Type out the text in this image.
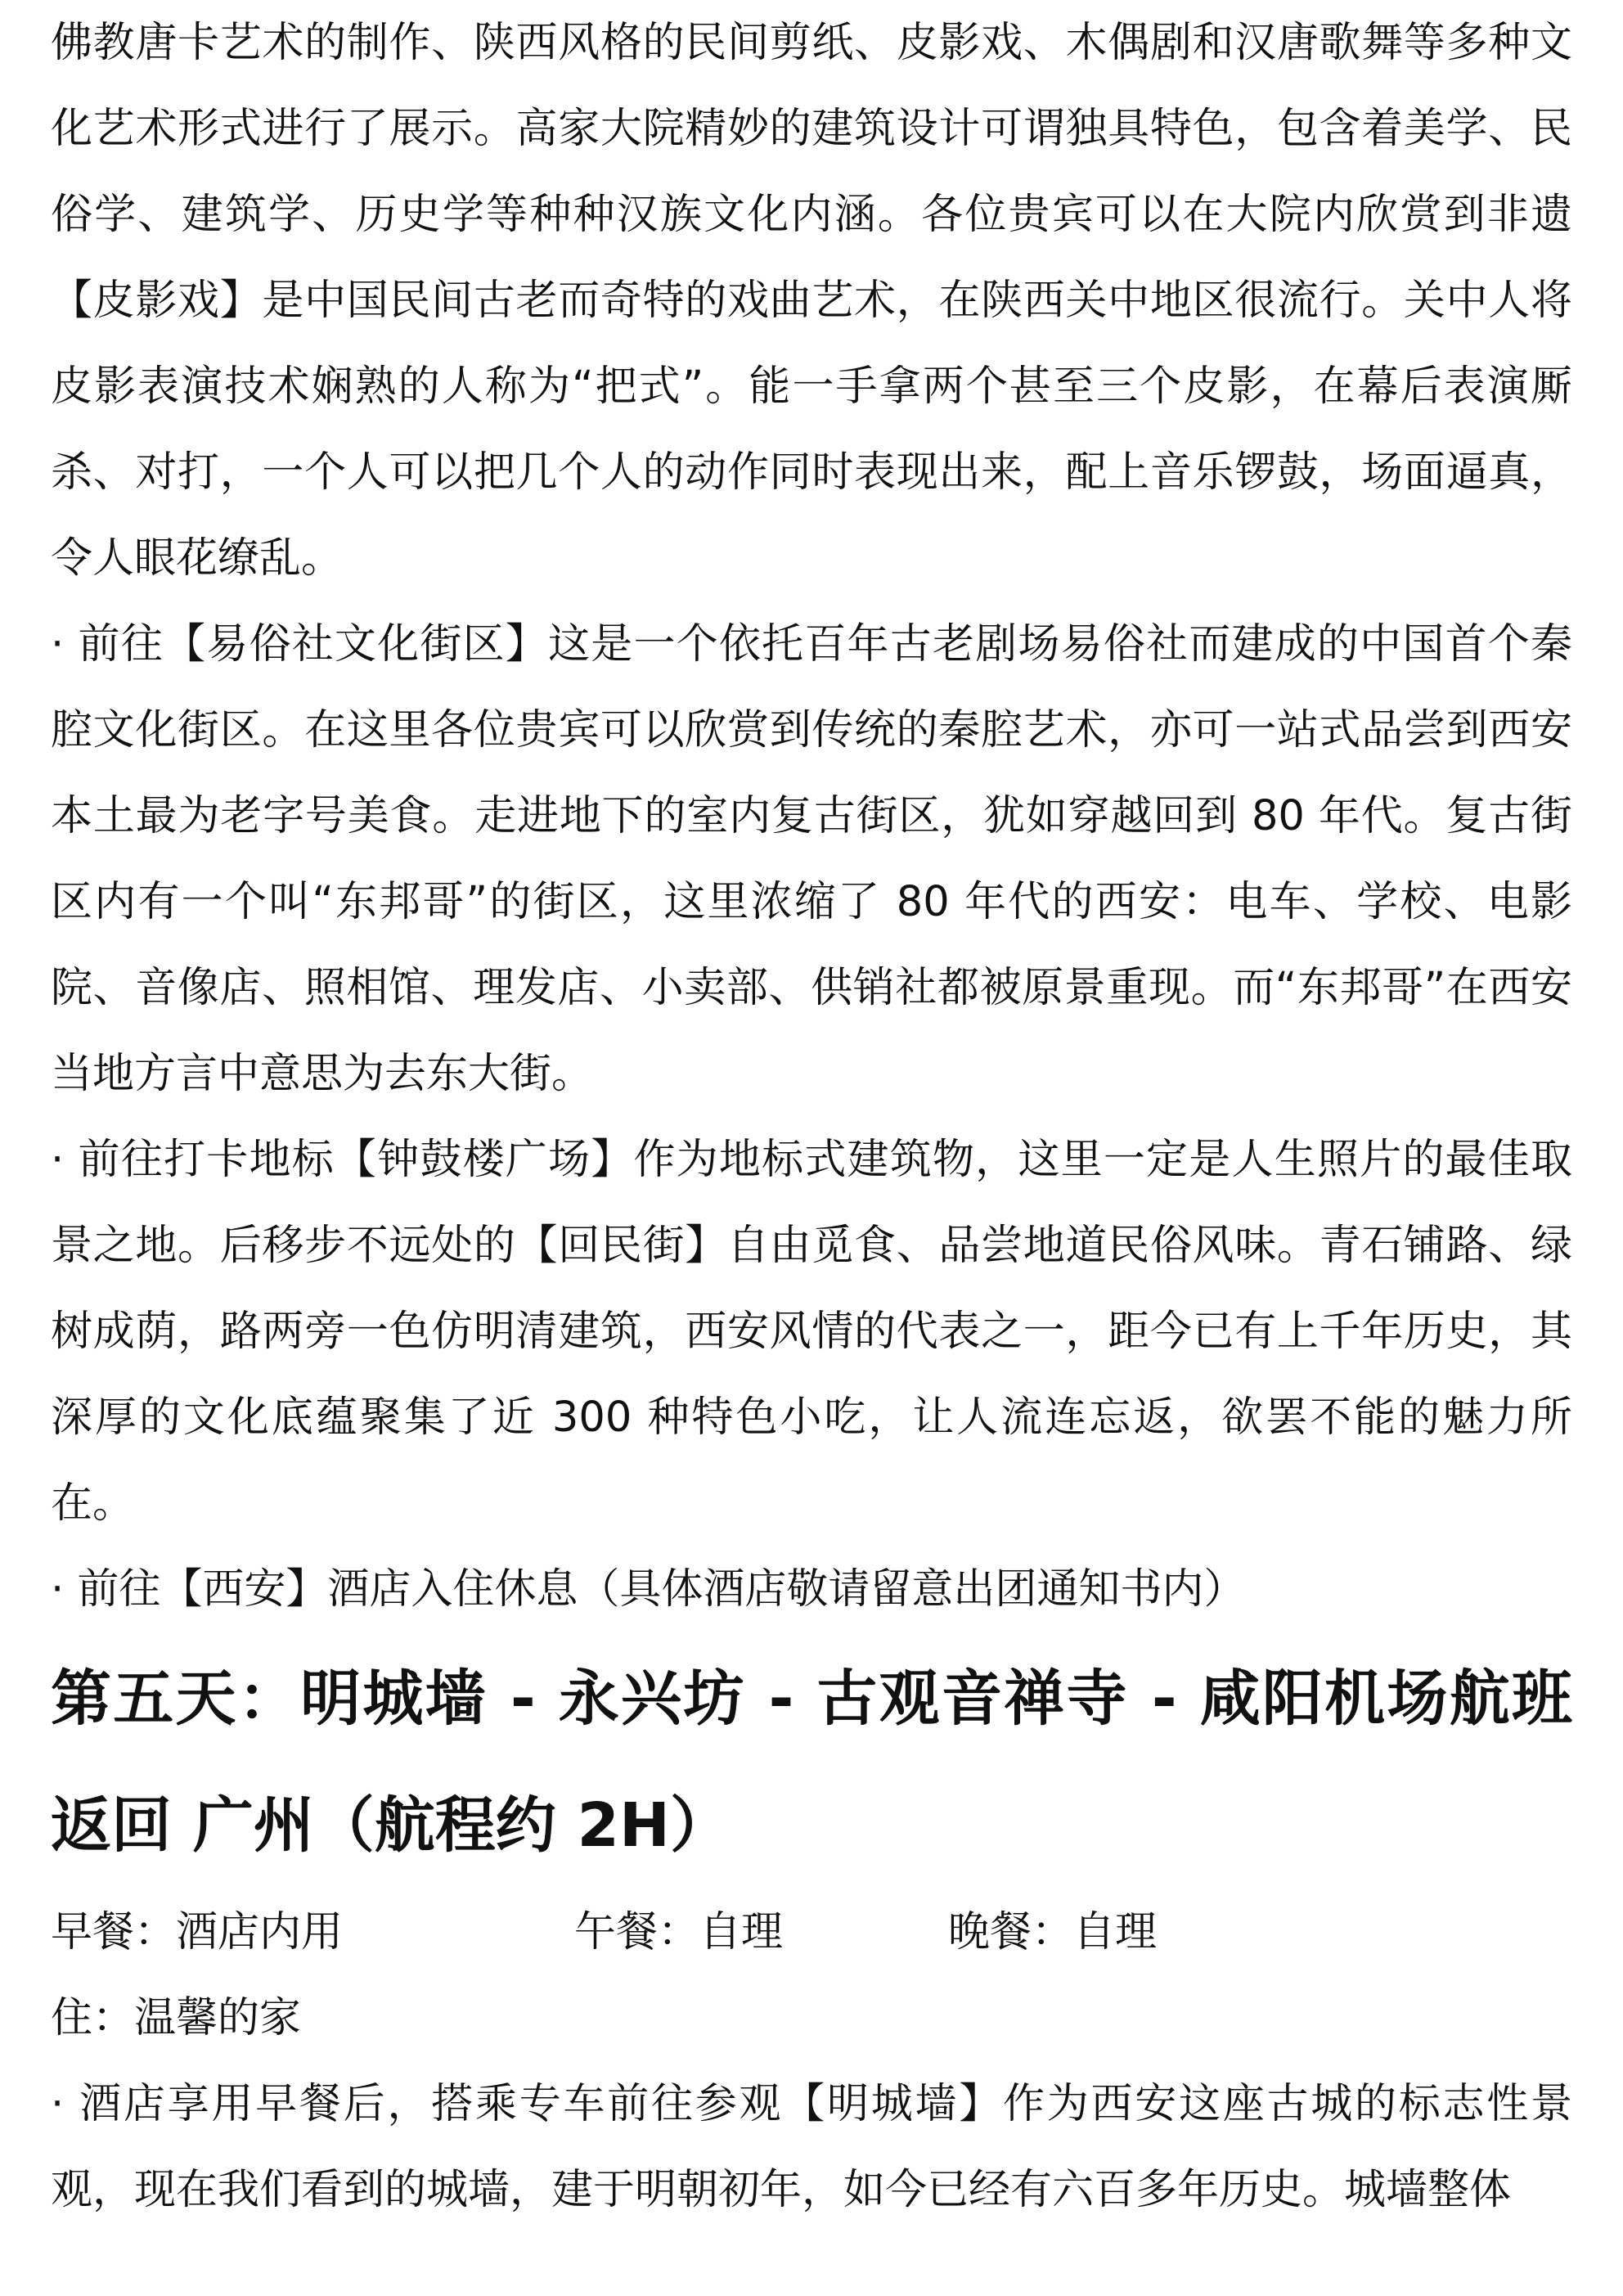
佛教唐卡艺术的制作、陕西风格的民间剪纸、皮影戏、木偶剧和汉唐歌舞等多种文化艺术形式进行了展示。高家大院精妙的建筑设计可谓独具特色，包含着美学、民俗学、建筑学、历史学等种种汉族文化内涵。各位贵宾可以在大院内欣赏到非遗【皮影戏】是中国民间古老而奇特的戏曲艺术，在陕西关中地区很流行。关中人将皮影表演技术娴熟的人称为“把式”。能一手拿两个甚至三个皮影，在幕后表演厮杀、对打，一个人可以把几个人的动作同时表现出来，配上音乐锣鼓，场面逼真，令人眼花缭乱。

· 前往【易俗社文化街区】这是一个依托百年古老剧场易俗社而建成的中国首个秦腔文化街区。在这里各位贵宾可以欣赏到传统的秦腔艺术，亦可一站式品尝到西安本土最为老字号美食。走进地下的室内复古街区，犹如穿越回到 80 年代。复古街区内有一个叫“东邦哥”的街区，这里浓缩了 80 年代的西安：电车、学校、电影院、音像店、照相馆、理发店、小卖部、供销社都被原景重现。而“东邦哥”在西安当地方言中意思为去东大街。

· 前往打卡地标【钟鼓楼广场】作为地标式建筑物，这里一定是人生照片的最佳取景之地。后移步不远处的【回民街】自由觅食、品尝地道民俗风味。青石铺路、绿树成荫，路两旁一色仿明清建筑，西安风情的代表之一，距今已有上千年历史，其深厚的文化底蕴聚集了近 300 种特色小吃，让人流连忘返，欲罢不能的魅力所在。

· 前往【西安】酒店入住休息（具体酒店敬请留意出团通知书内）

第五天：明城墙 - 永兴坊 - 古观音禅寺 - 咸阳机场航班返回 广州（航程约 2H）
早餐：酒店内用	午餐：自理	晚餐：自理
住：温馨的家

· 酒店享用早餐后，搭乘专车前往参观【明城墙】作为西安这座古城的标志性景观，现在我们看到的城墙，建于明朝初年，如今已经有六百多年历史。城墙整体
